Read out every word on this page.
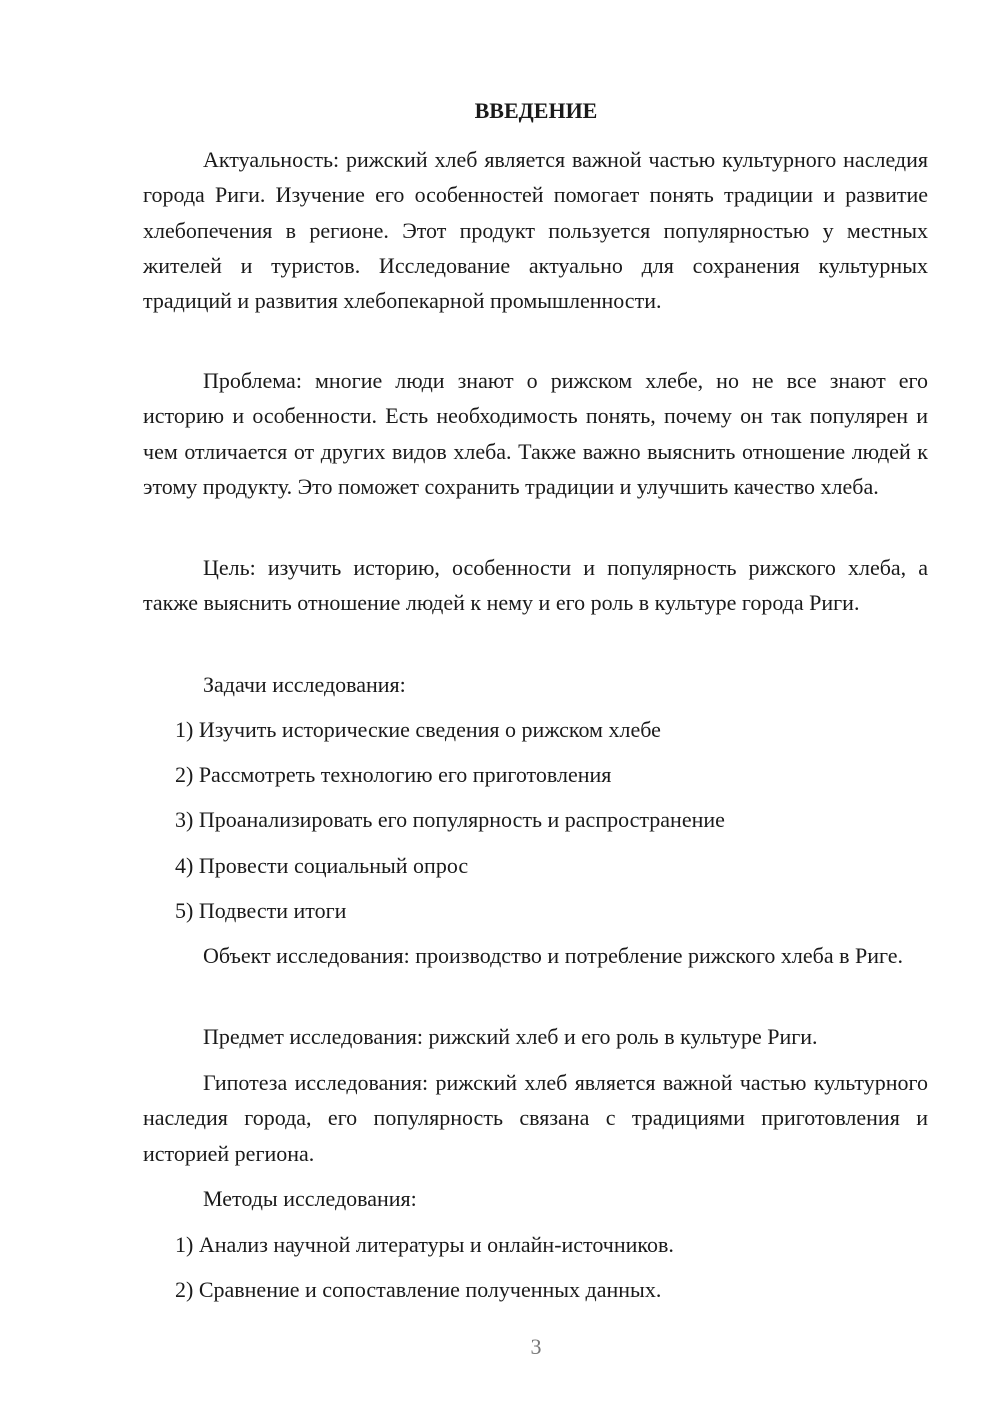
ВВЕДЕНИЕ

Актуальность: рижский хлеб является важной частью культурного наследия города Риги. Изучение его особенностей помогает понять традиции и развитие хлебопечения в регионе. Этот продукт пользуется популярностью у местных жителей и туристов. Исследование актуально для сохранения культурных традиций и развития хлебопекарной промышленности.

Проблема: многие люди знают о рижском хлебе, но не все знают его историю и особенности. Есть необходимость понять, почему он так популярен и чем отличается от других видов хлеба. Также важно выяснить отношение людей к этому продукту. Это поможет сохранить традиции и улучшить качество хлеба.

Цель: изучить историю, особенности и популярность рижского хлеба, а также выяснить отношение людей к нему и его роль в культуре города Риги.

Задачи исследования:

1) Изучить исторические сведения о рижском хлебе

2) Рассмотреть технологию его приготовления

3) Проанализировать его популярность и распространение

4) Провести социальный опрос

5) Подвести итоги

Объект исследования: производство и потребление рижского хлеба в Риге.

Предмет исследования: рижский хлеб и его роль в культуре Риги.

Гипотеза исследования: рижский хлеб является важной частью культурного наследия города, его популярность связана с традициями приготовления и историей региона.

Методы исследования:

1) Анализ научной литературы и онлайн-источников.

2) Сравнение и сопоставление полученных данных.

3
